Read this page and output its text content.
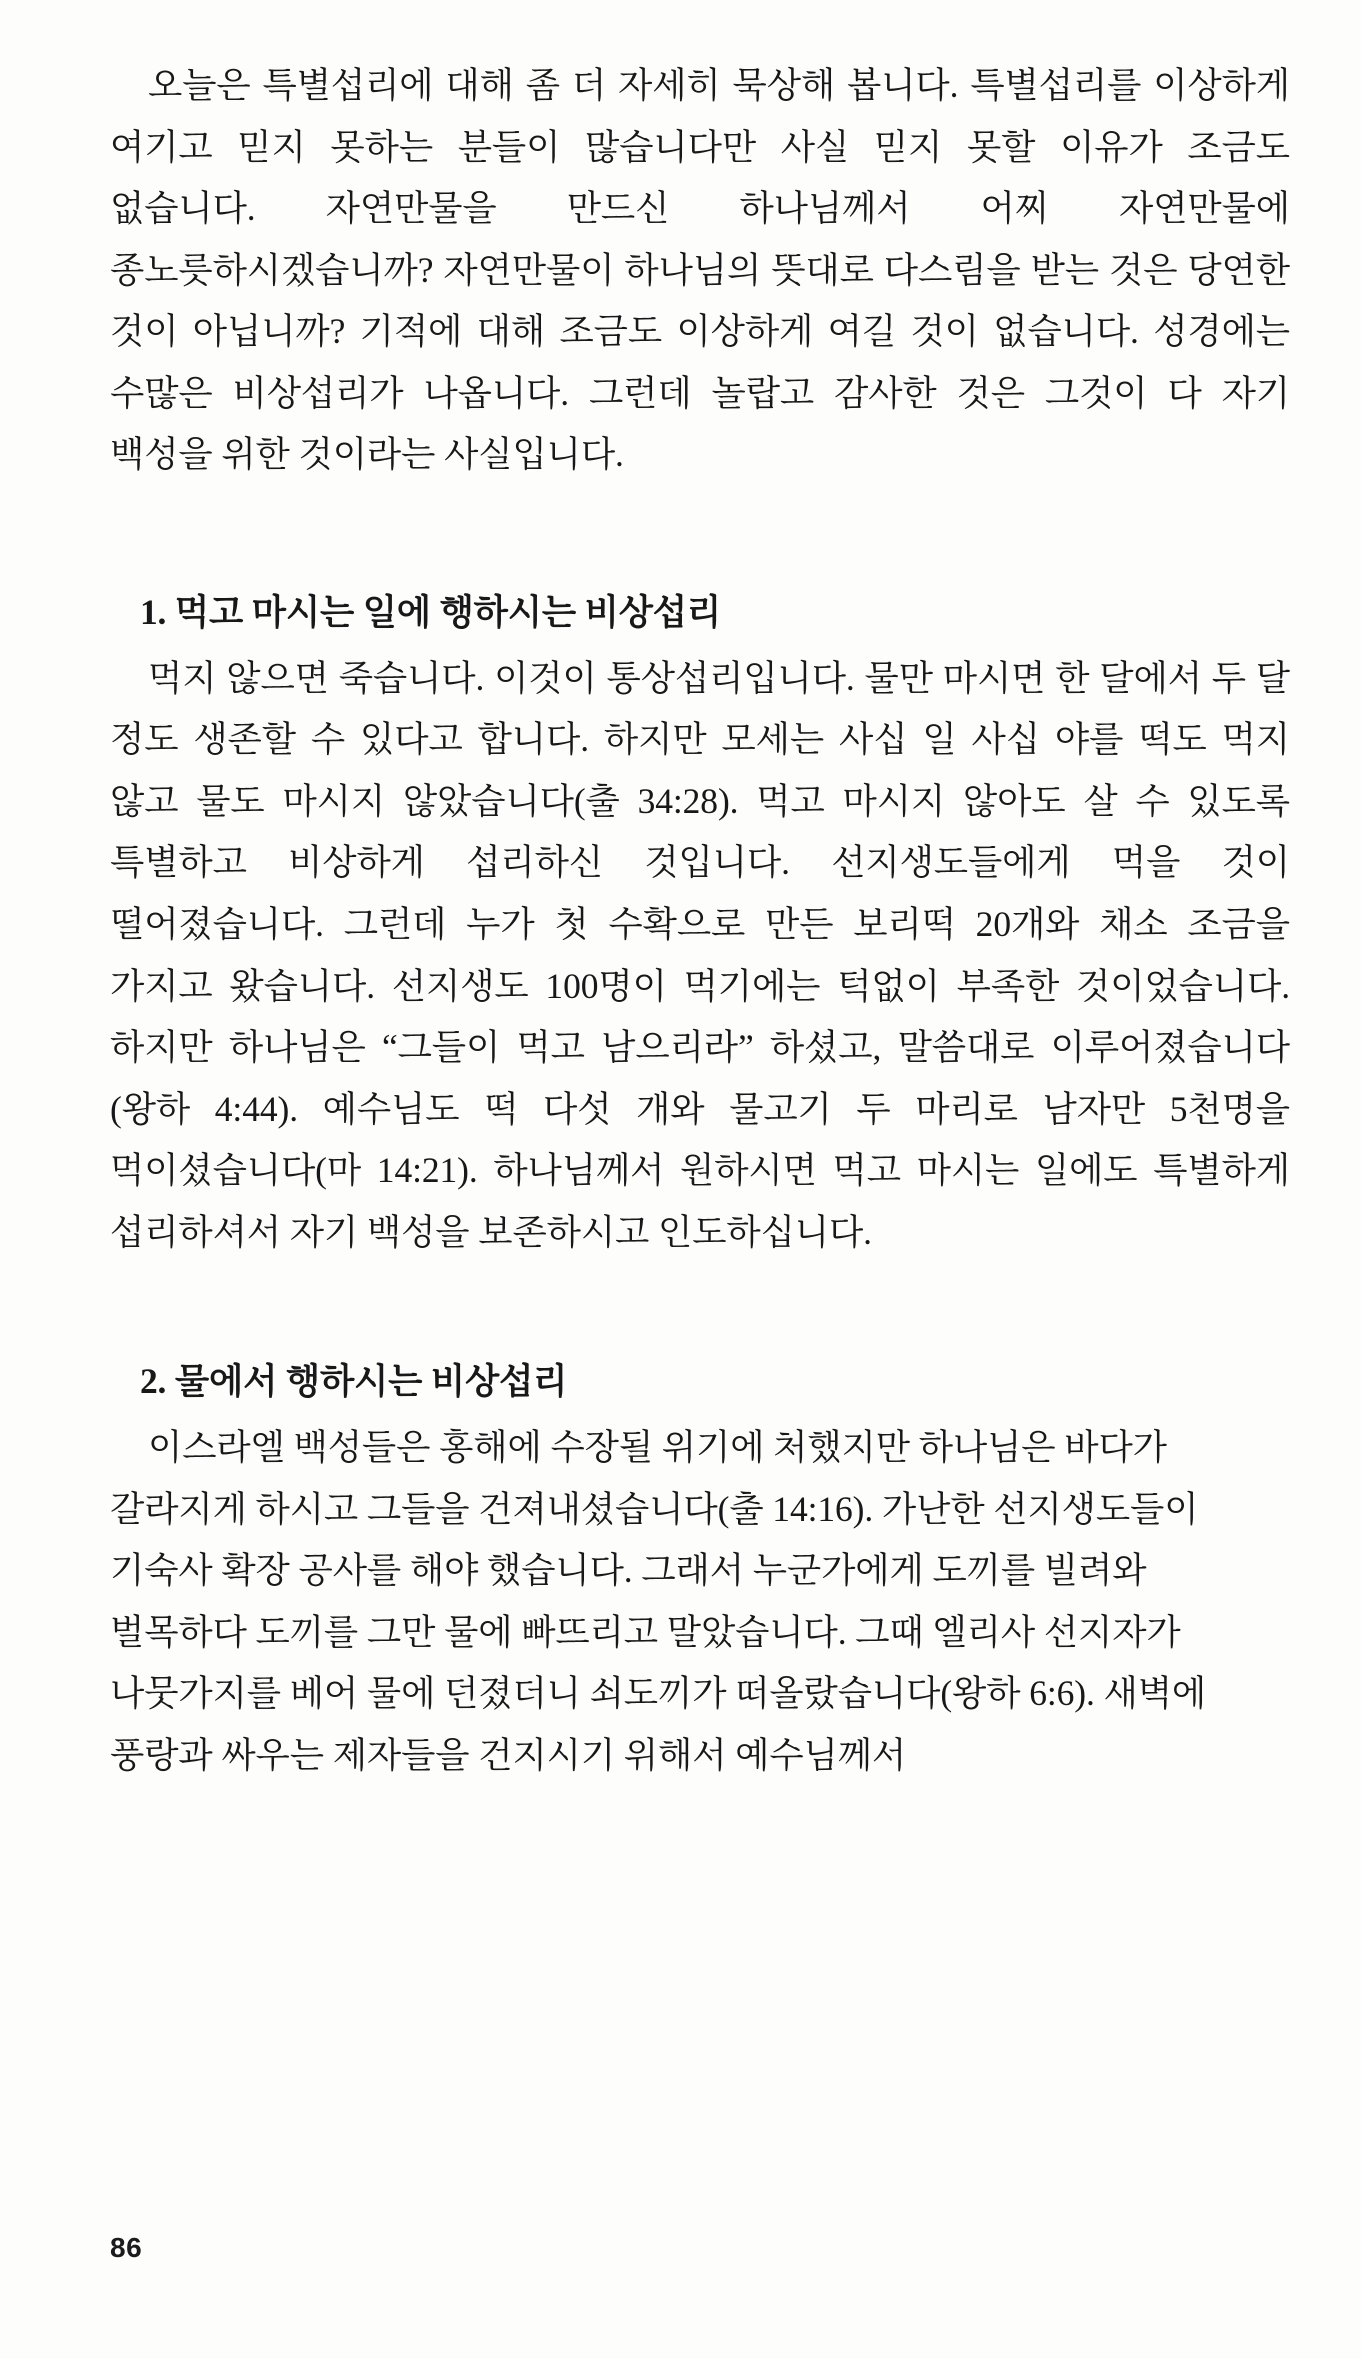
오늘은 특별섭리에 대해 좀 더 자세히 묵상해 봅니다. 특별섭리를 이상하게 여기고 믿지 못하는 분들이 많습니다만 사실 믿지 못할 이유가 조금도 없습니다. 자연만물을 만드신 하나님께서 어찌 자연만물에 종노릇하시겠습니까? 자연만물이 하나님의 뜻대로 다스림을 받는 것은 당연한 것이 아닙니까? 기적에 대해 조금도 이상하게 여길 것이 없습니다. 성경에는 수많은 비상섭리가 나옵니다. 그런데 놀랍고 감사한 것은 그것이 다 자기 백성을 위한 것이라는 사실입니다.

1. 먹고 마시는 일에 행하시는 비상섭리

먹지 않으면 죽습니다. 이것이 통상섭리입니다. 물만 마시면 한 달에서 두 달 정도 생존할 수 있다고 합니다. 하지만 모세는 사십 일 사십 야를 떡도 먹지 않고 물도 마시지 않았습니다(출 34:28). 먹고 마시지 않아도 살 수 있도록 특별하고 비상하게 섭리하신 것입니다. 선지생도들에게 먹을 것이 떨어졌습니다. 그런데 누가 첫 수확으로 만든 보리떡 20개와 채소 조금을 가지고 왔습니다. 선지생도 100명이 먹기에는 턱없이 부족한 것이었습니다. 하지만 하나님은 “그들이 먹고 남으리라” 하셨고, 말씀대로 이루어졌습니다(왕하 4:44). 예수님도 떡 다섯 개와 물고기 두 마리로 남자만 5천명을 먹이셨습니다(마 14:21). 하나님께서 원하시면 먹고 마시는 일에도 특별하게 섭리하셔서 자기 백성을 보존하시고 인도하십니다.

2. 물에서 행하시는 비상섭리

이스라엘 백성들은 홍해에 수장될 위기에 처했지만 하나님은 바다가 갈라지게 하시고 그들을 건져내셨습니다(출 14:16). 가난한 선지생도들이 기숙사 확장 공사를 해야 했습니다. 그래서 누군가에게 도끼를 빌려와 벌목하다 도끼를 그만 물에 빠뜨리고 말았습니다. 그때 엘리사 선지자가 나뭇가지를 베어 물에 던졌더니 쇠도끼가 떠올랐습니다(왕하 6:6). 새벽에 풍랑과 싸우는 제자들을 건지시기 위해서 예수님께서

86
